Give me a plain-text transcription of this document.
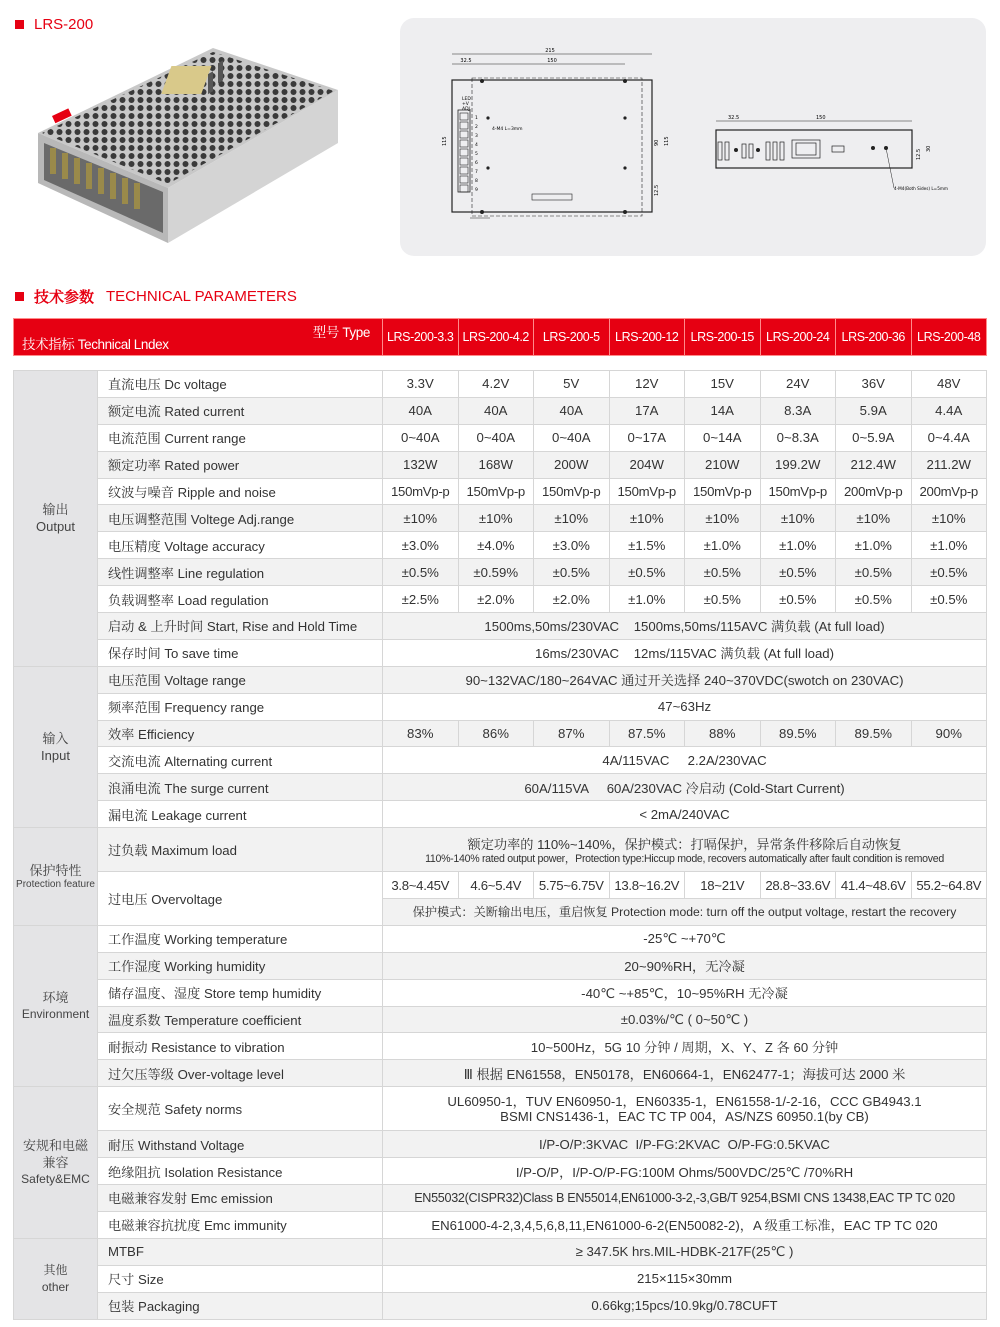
LRS-200
215
32.5	150
LED
+V
ADJ.
4-M4 L=3mm
115	90 115
12.5
32.5	150
30
12.5
4-M4(Both Sides) L=5mm
1
2
3
4
5
6
7
8
9
技术参数 TECHNICAL PARAMETERS
型号 Type
技术指标 Technical Lndex		LRS-200-3.3	LRS-200-4.2	LRS-200-5	LRS-200-12	LRS-200-15	LRS-200-24	LRS-200-36	LRS-200-48

输出
Output	直流电压 Dc voltage	3.3V	4.2V	5V	12V	15V	24V	36V	48V
	额定电流 Rated current	40A	40A	40A	17A	14A	8.3A	5.9A	4.4A
	电流范围 Current range	0~40A	0~40A	0~40A	0~17A	0~14A	0~8.3A	0~5.9A	0~4.4A
	额定功率 Rated power	132W	168W	200W	204W	210W	199.2W	212.4W	211.2W
	纹波与噪音 Ripple and noise	150mVp-p	150mVp-p	150mVp-p	150mVp-p	150mVp-p	150mVp-p	200mVp-p	200mVp-p
	电压调整范围 Voltege Adj.range	±10%	±10%	±10%	±10%	±10%	±10%	±10%	±10%
	电压精度 Voltage accuracy	±3.0%	±4.0%	±3.0%	±1.5%	±1.0%	±1.0%	±1.0%	±1.0%
	线性调整率 Line regulation	±0.5%	±0.59%	±0.5%	±0.5%	±0.5%	±0.5%	±0.5%	±0.5%
	负载调整率 Load regulation	±2.5%	±2.0%	±2.0%	±1.0%	±0.5%	±0.5%	±0.5%	±0.5%
	启动 & 上升时间 Start, Rise and Hold Time	1500ms,50ms/230VAC    1500ms,50ms/115AVC 满负载 (At full load)							
	保存时间 To save time	16ms/230VAC    12ms/115VAC 满负载 (At full load)							
输入
Input	电压范围 Voltage range	90~132VAC/180~264VAC 通过开关选择 240~370VDC(swotch on 230VAC)							
	频率范围 Frequency range	47~63Hz							
	效率 Efficiency	83%	86%	87%	87.5%	88%	89.5%	89.5%	90%
	交流电流 Alternating current	4A/115VAC     2.2A/230VAC							
	浪涌电流 The surge current	60A/115VA     60A/230VAC 冷启动 (Cold-Start Current)							
	漏电流 Leakage current	< 2mA/240VAC							
保护特性
Protection feature	过负载 Maximum load	额定功率的 110%~140%，保护模式：打嗝保护，异常条件移除后自动恢复
110%-140% rated output power，Protection type:Hiccup mode, recovers automatically after fault condition is removed							

	过电压 Overvoltage	3.8~4.45V	4.6~5.4V	5.75~6.75V	13.8~16.2V	18~21V	28.8~33.6V	41.4~48.6V	55.2~64.8V
		保护模式：关断输出电压，重启恢复 Protection mode: turn off the output voltage, restart the recovery							
环境
Environment	工作温度 Working temperature	-25℃ ~+70℃							
	工作湿度 Working humidity	20~90%RH，无冷凝							
	储存温度、湿度 Store temp humidity	-40℃ ~+85℃，10~95%RH 无冷凝							
	温度系数 Temperature coefficient	±0.03%/℃ ( 0~50℃ )							
	耐振动 Resistance to vibration	10~500Hz，5G 10 分钟 / 周期，X、Y、Z 各 60 分钟							
	过欠压等级 Over-voltage level	Ⅲ 根据 EN61558，EN50178，EN60664-1，EN62477-1；海拔可达 2000 米							

安规和电磁兼容
Safety&EMC	安全规范 Safety norms	UL60950-1，TUV EN60950-1，EN60335-1，EN61558-1/-2-16，CCC GB4943.1
BSMI CNS1436-1，EAC TC TP 004，AS/NZS 60950.1(by CB)							

	耐压 Withstand Voltage	I/P-O/P:3KVAC  I/P-FG:2KVAC  O/P-FG:0.5KVAC							
	绝缘阻抗 Isolation Resistance	I/P-O/P，I/P-O/P-FG:100M Ohms/500VDC/25℃ /70%RH							
	电磁兼容发射 Emc emission	EN55032(CISPR32)Class B EN55014,EN61000-3-2,-3,GB/T 9254,BSMI CNS 13438,EAC TP TC 020							
	电磁兼容抗扰度 Emc immunity	EN61000-4-2,3,4,5,6,8,11,EN61000-6-2(EN50082-2)，A 级重工标准，EAC TP TC 020							
其他
other	MTBF	≥ 347.5K hrs.MIL-HDBK-217F(25℃ )							
	尺寸 Size	215×115×30mm							
	包装 Packaging	0.66kg;15pcs/10.9kg/0.78CUFT							
